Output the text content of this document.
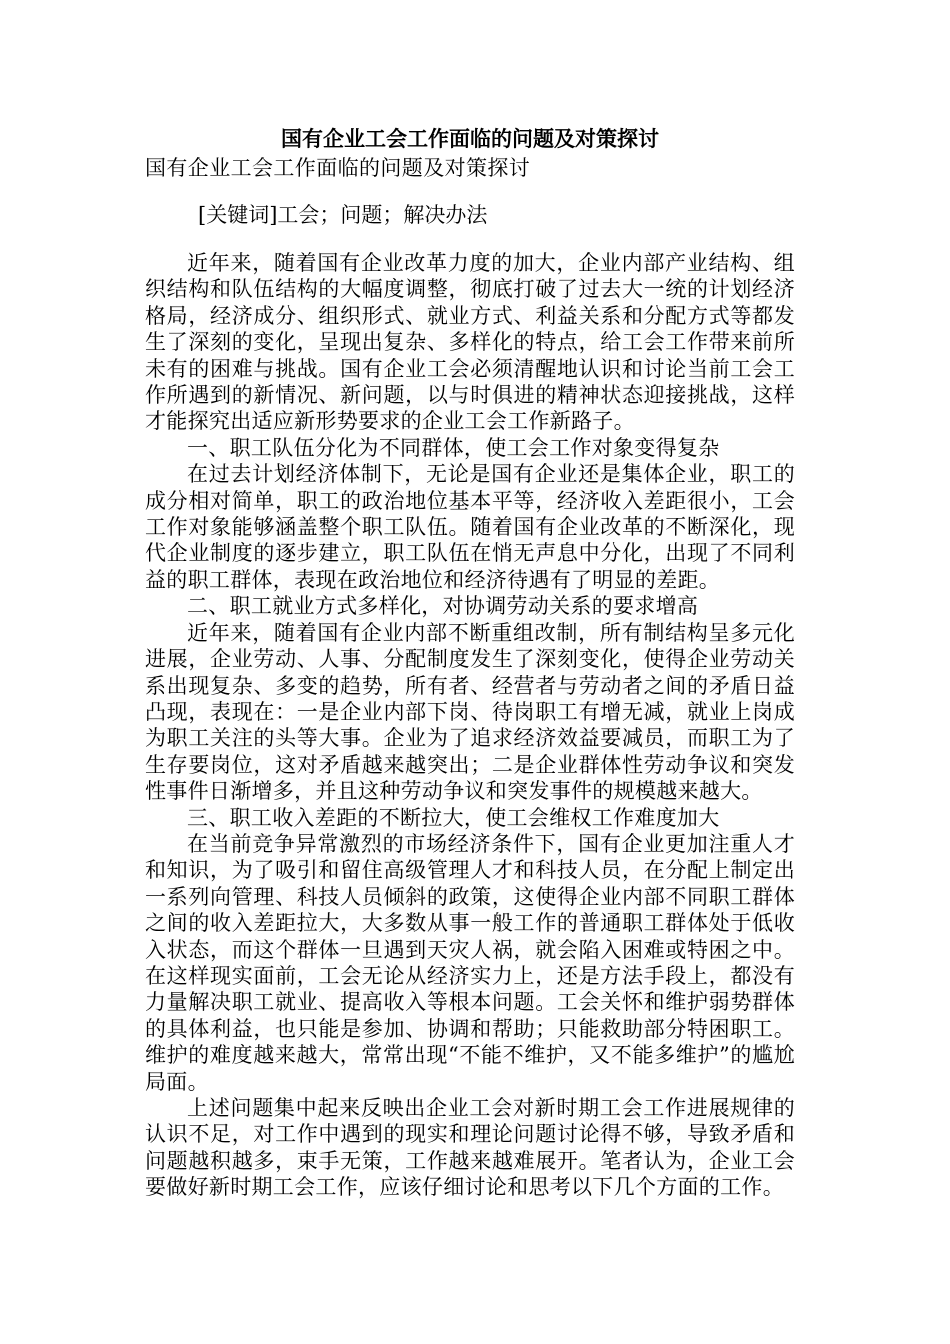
国有企业工会工作面临的问题及对策探讨
国有企业工会工作面临的问题及对策探讨
[关键词]工会；问题；解决办法

近年来，随着国有企业改革力度的加大，企业内部产业结构、组织结构和队伍结构的大幅度调整，彻底打破了过去大一统的计划经济格局，经济成分、组织形式、就业方式、利益关系和分配方式等都发生了深刻的变化，呈现出复杂、多样化的特点，给工会工作带来前所未有的困难与挑战。国有企业工会必须清醒地认识和讨论当前工会工作所遇到的新情况、新问题，以与时俱进的精神状态迎接挑战，这样才能探究出适应新形势要求的企业工会工作新路子。

一、职工队伍分化为不同群体，使工会工作对象变得复杂

在过去计划经济体制下，无论是国有企业还是集体企业，职工的成分相对简单，职工的政治地位基本平等，经济收入差距很小，工会工作对象能够涵盖整个职工队伍。随着国有企业改革的不断深化，现代企业制度的逐步建立，职工队伍在悄无声息中分化，出现了不同利益的职工群体，表现在政治地位和经济待遇有了明显的差距。

二、职工就业方式多样化，对协调劳动关系的要求增高

近年来，随着国有企业内部不断重组改制，所有制结构呈多元化进展，企业劳动、人事、分配制度发生了深刻变化，使得企业劳动关系出现复杂、多变的趋势，所有者、经营者与劳动者之间的矛盾日益凸现，表现在：一是企业内部下岗、待岗职工有增无减，就业上岗成为职工关注的头等大事。企业为了追求经济效益要减员，而职工为了生存要岗位，这对矛盾越来越突出；二是企业群体性劳动争议和突发性事件日渐增多，并且这种劳动争议和突发事件的规模越来越大。

三、职工收入差距的不断拉大，使工会维权工作难度加大

在当前竞争异常激烈的市场经济条件下，国有企业更加注重人才和知识，为了吸引和留住高级管理人才和科技人员，在分配上制定出一系列向管理、科技人员倾斜的政策，这使得企业内部不同职工群体之间的收入差距拉大，大多数从事一般工作的普通职工群体处于低收入状态，而这个群体一旦遇到天灾人祸，就会陷入困难或特困之中。在这样现实面前，工会无论从经济实力上，还是方法手段上，都没有力量解决职工就业、提高收入等根本问题。工会关怀和维护弱势群体的具体利益，也只能是参加、协调和帮助；只能救助部分特困职工。维护的难度越来越大，常常出现“不能不维护，又不能多维护”的尴尬局面。

上述问题集中起来反映出企业工会对新时期工会工作进展规律的认识不足，对工作中遇到的现实和理论问题讨论得不够，导致矛盾和问题越积越多，束手无策，工作越来越难展开。笔者认为，企业工会要做好新时期工会工作，应该仔细讨论和思考以下几个方面的工作。
